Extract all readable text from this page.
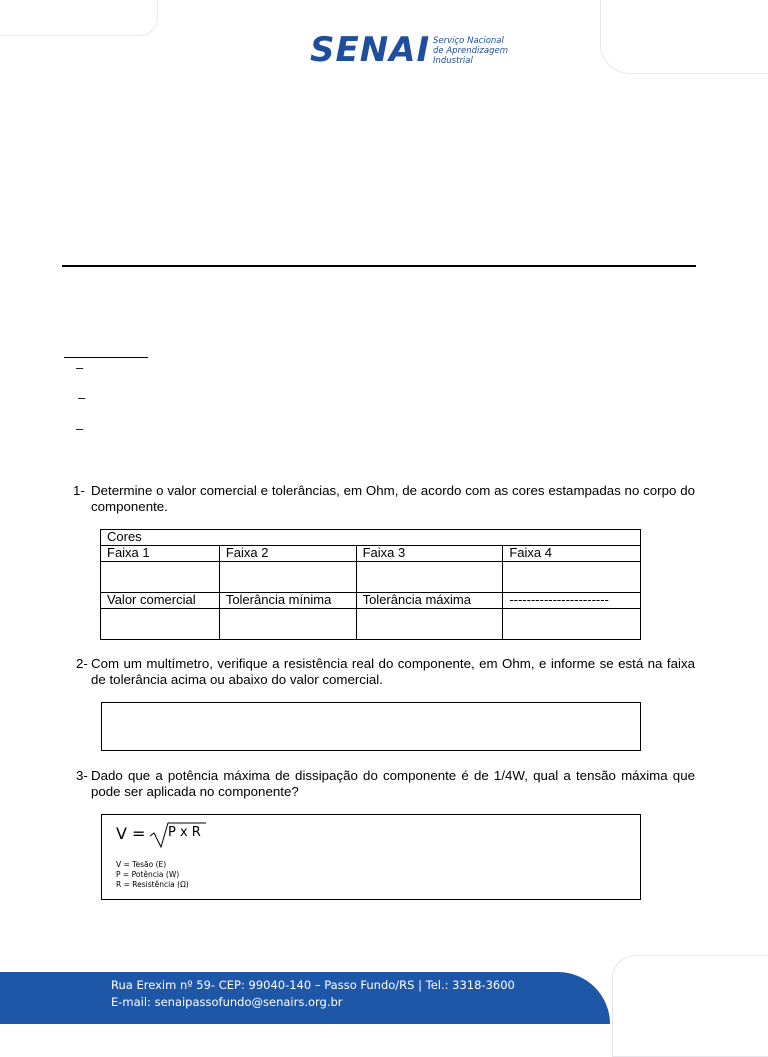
SENAI Serviço Nacional
de Aprendizagem
Industrial
–
–
–
1- Determine o valor comercial e tolerâncias, em Ohm, de acordo com as cores estampadas no corpo do componente.
Cores			
Faixa 1	Faixa 2	Faixa 3	Faixa 4

Valor comercial	Tolerância mínima	Tolerância máxima	-----------------------

2- Com um multímetro, verifique a resistência real do componente, em Ohm, e informe se está na faixa de tolerância acima ou abaixo do valor comercial.
3- Dado que a potência máxima de dissipação do componente é de 1/4W, qual a tensão máxima que pode ser aplicada no componente?
V = P x R
V = Tesão (E)
P = Potência (W)
R = Resistência (Ω)
Rua Erexim nº 59- CEP: 99040-140 – Passo Fundo/RS | Tel.: 3318-3600
E-mail: senaipassofundo@senairs.org.br
